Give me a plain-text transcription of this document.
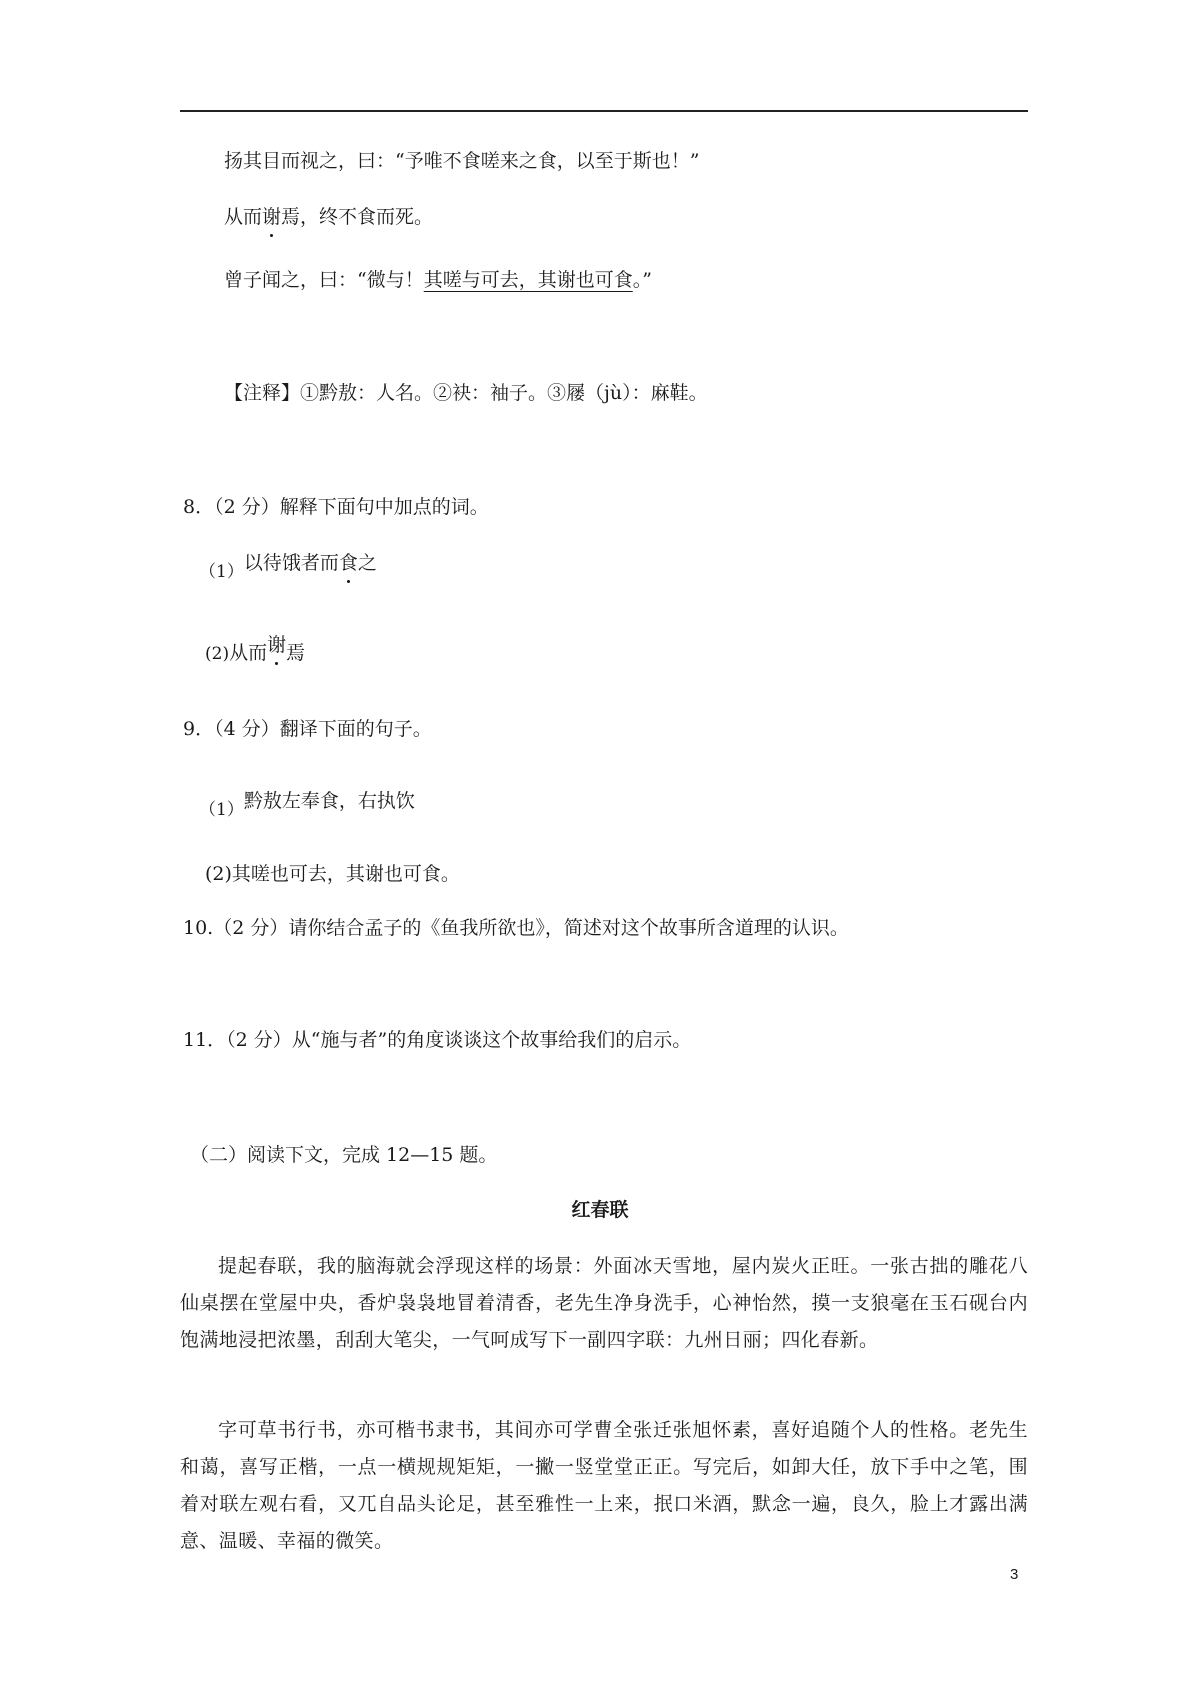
扬其目而视之，曰：“予唯不食嗟来之食，以至于斯也！”
从而谢焉，终不食而死。
曾子闻之，曰：“微与！其嗟与可去，其谢也可食。”
【注释】①黔敖：人名。②袂：袖子。③屦（jù）：麻鞋。
8．（2 分）解释下面句中加点的词。
（1）以待饿者而食之
(2)从而谢焉
9．（4 分）翻译下面的句子。
（1）黔敖左奉食，右执饮
(2)其嗟也可去，其谢也可食。
10.（2 分）请你结合孟子的《鱼我所欲也》，简述对这个故事所含道理的认识。
11．（2 分）从“施与者”的角度谈谈这个故事给我们的启示。
（二）阅读下文，完成 12—15 题。
红春联
提起春联，我的脑海就会浮现这样的场景：外面冰天雪地，屋内炭火正旺。一张古拙的雕花八仙桌摆在堂屋中央，香炉袅袅地冒着清香，老先生净身洗手，心神怡然，摸一支狼毫在玉石砚台内饱满地浸把浓墨，刮刮大笔尖，一气呵成写下一副四字联：九州日丽；四化春新。
字可草书行书，亦可楷书隶书，其间亦可学曹全张迁张旭怀素，喜好追随个人的性格。老先生和蔼，喜写正楷，一点一横规规矩矩，一撇一竖堂堂正正。写完后，如卸大任，放下手中之笔，围着对联左观右看，又兀自品头论足，甚至雅性一上来，抿口米酒，默念一遍，良久，脸上才露出满意、温暖、幸福的微笑。
3
